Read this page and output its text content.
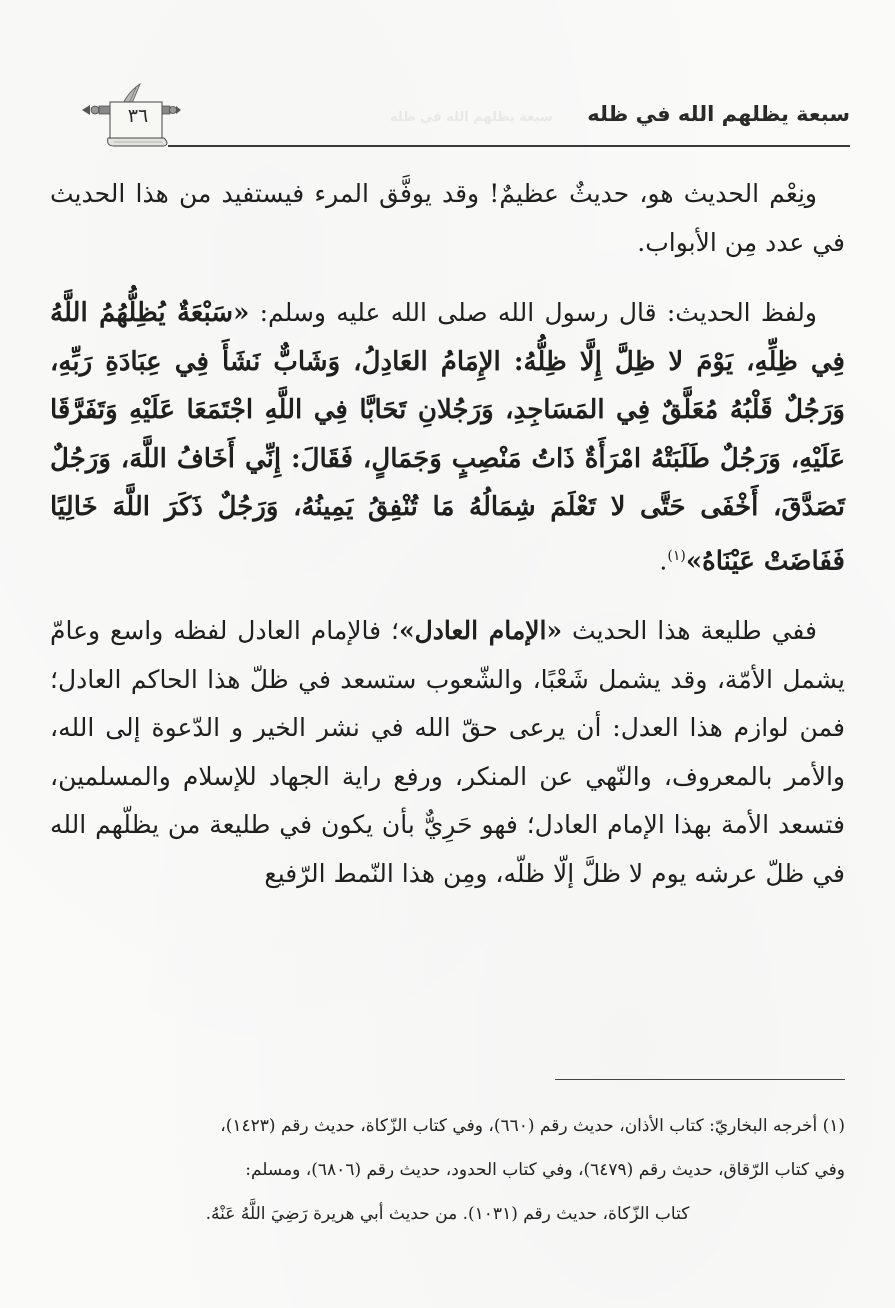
سبعة يظلهم الله في ظله
سبعة يظلهم الله في ظله
٣٦

ونِعْم الحديث هو، حديثٌ عظيمٌ! وقد يوفَّق المرء فيستفيد من هذا الحديث في عدد مِن الأبواب.

ولفظ الحديث: قال رسول الله صلى الله عليه وسلم: «سَبْعَةٌ يُظِلُّهُمُ اللَّهُ فِي ظِلِّهِ، يَوْمَ لا ظِلَّ إِلَّا ظِلُّهُ: الإِمَامُ العَادِلُ، وَشَابٌّ نَشَأَ فِي عِبَادَةِ رَبِّهِ، وَرَجُلٌ قَلْبُهُ مُعَلَّقٌ فِي المَسَاجِدِ، وَرَجُلانِ تَحَابَّا فِي اللَّهِ اجْتَمَعَا عَلَيْهِ وَتَفَرَّقَا عَلَيْهِ، وَرَجُلٌ طَلَبَتْهُ امْرَأَةٌ ذَاتُ مَنْصِبٍ وَجَمَالٍ، فَقَالَ: إِنِّي أَخَافُ اللَّهَ، وَرَجُلٌ تَصَدَّقَ، أَخْفَى حَتَّى لا تَعْلَمَ شِمَالُهُ مَا تُنْفِقُ يَمِينُهُ، وَرَجُلٌ ذَكَرَ اللَّهَ خَالِيًا فَفَاضَتْ عَيْنَاهُ»$^{(١)}$.

ففي طليعة هذا الحديث «الإمام العادل»؛ فالإمام العادل لفظه واسع وعامّ يشمل الأمّة، وقد يشمل شَعْبًا، والشّعوب ستسعد في ظلّ هذا الحاكم العادل؛ فمن لوازم هذا العدل: أن يرعى حقّ الله في نشر الخير و الدّعوة إلى الله، والأمر بالمعروف، والنّهي عن المنكر، ورفع راية الجهاد للإسلام والمسلمين، فتسعد الأمة بهذا الإمام العادل؛ فهو حَرِيٌّ بأن يكون في طليعة من يظلّهم الله في ظلّ عرشه يوم لا ظلَّ إلّا ظلّه، ومِن هذا النّمط الرّفيع

(١) أخرجه البخاريّ: كتاب الأذان، حديث رقم (٦٦٠)، وفي كتاب الزّكاة، حديث رقم (١٤٢٣)،

وفي كتاب الرّقاق، حديث رقم (٦٤٧٩)، وفي كتاب الحدود، حديث رقم (٦٨٠٦)، ومسلم:

كتاب الزّكاة، حديث رقم (١٠٣١). من حديث أبي هريرة رَضِيَ اللَّهُ عَنْهُ.
